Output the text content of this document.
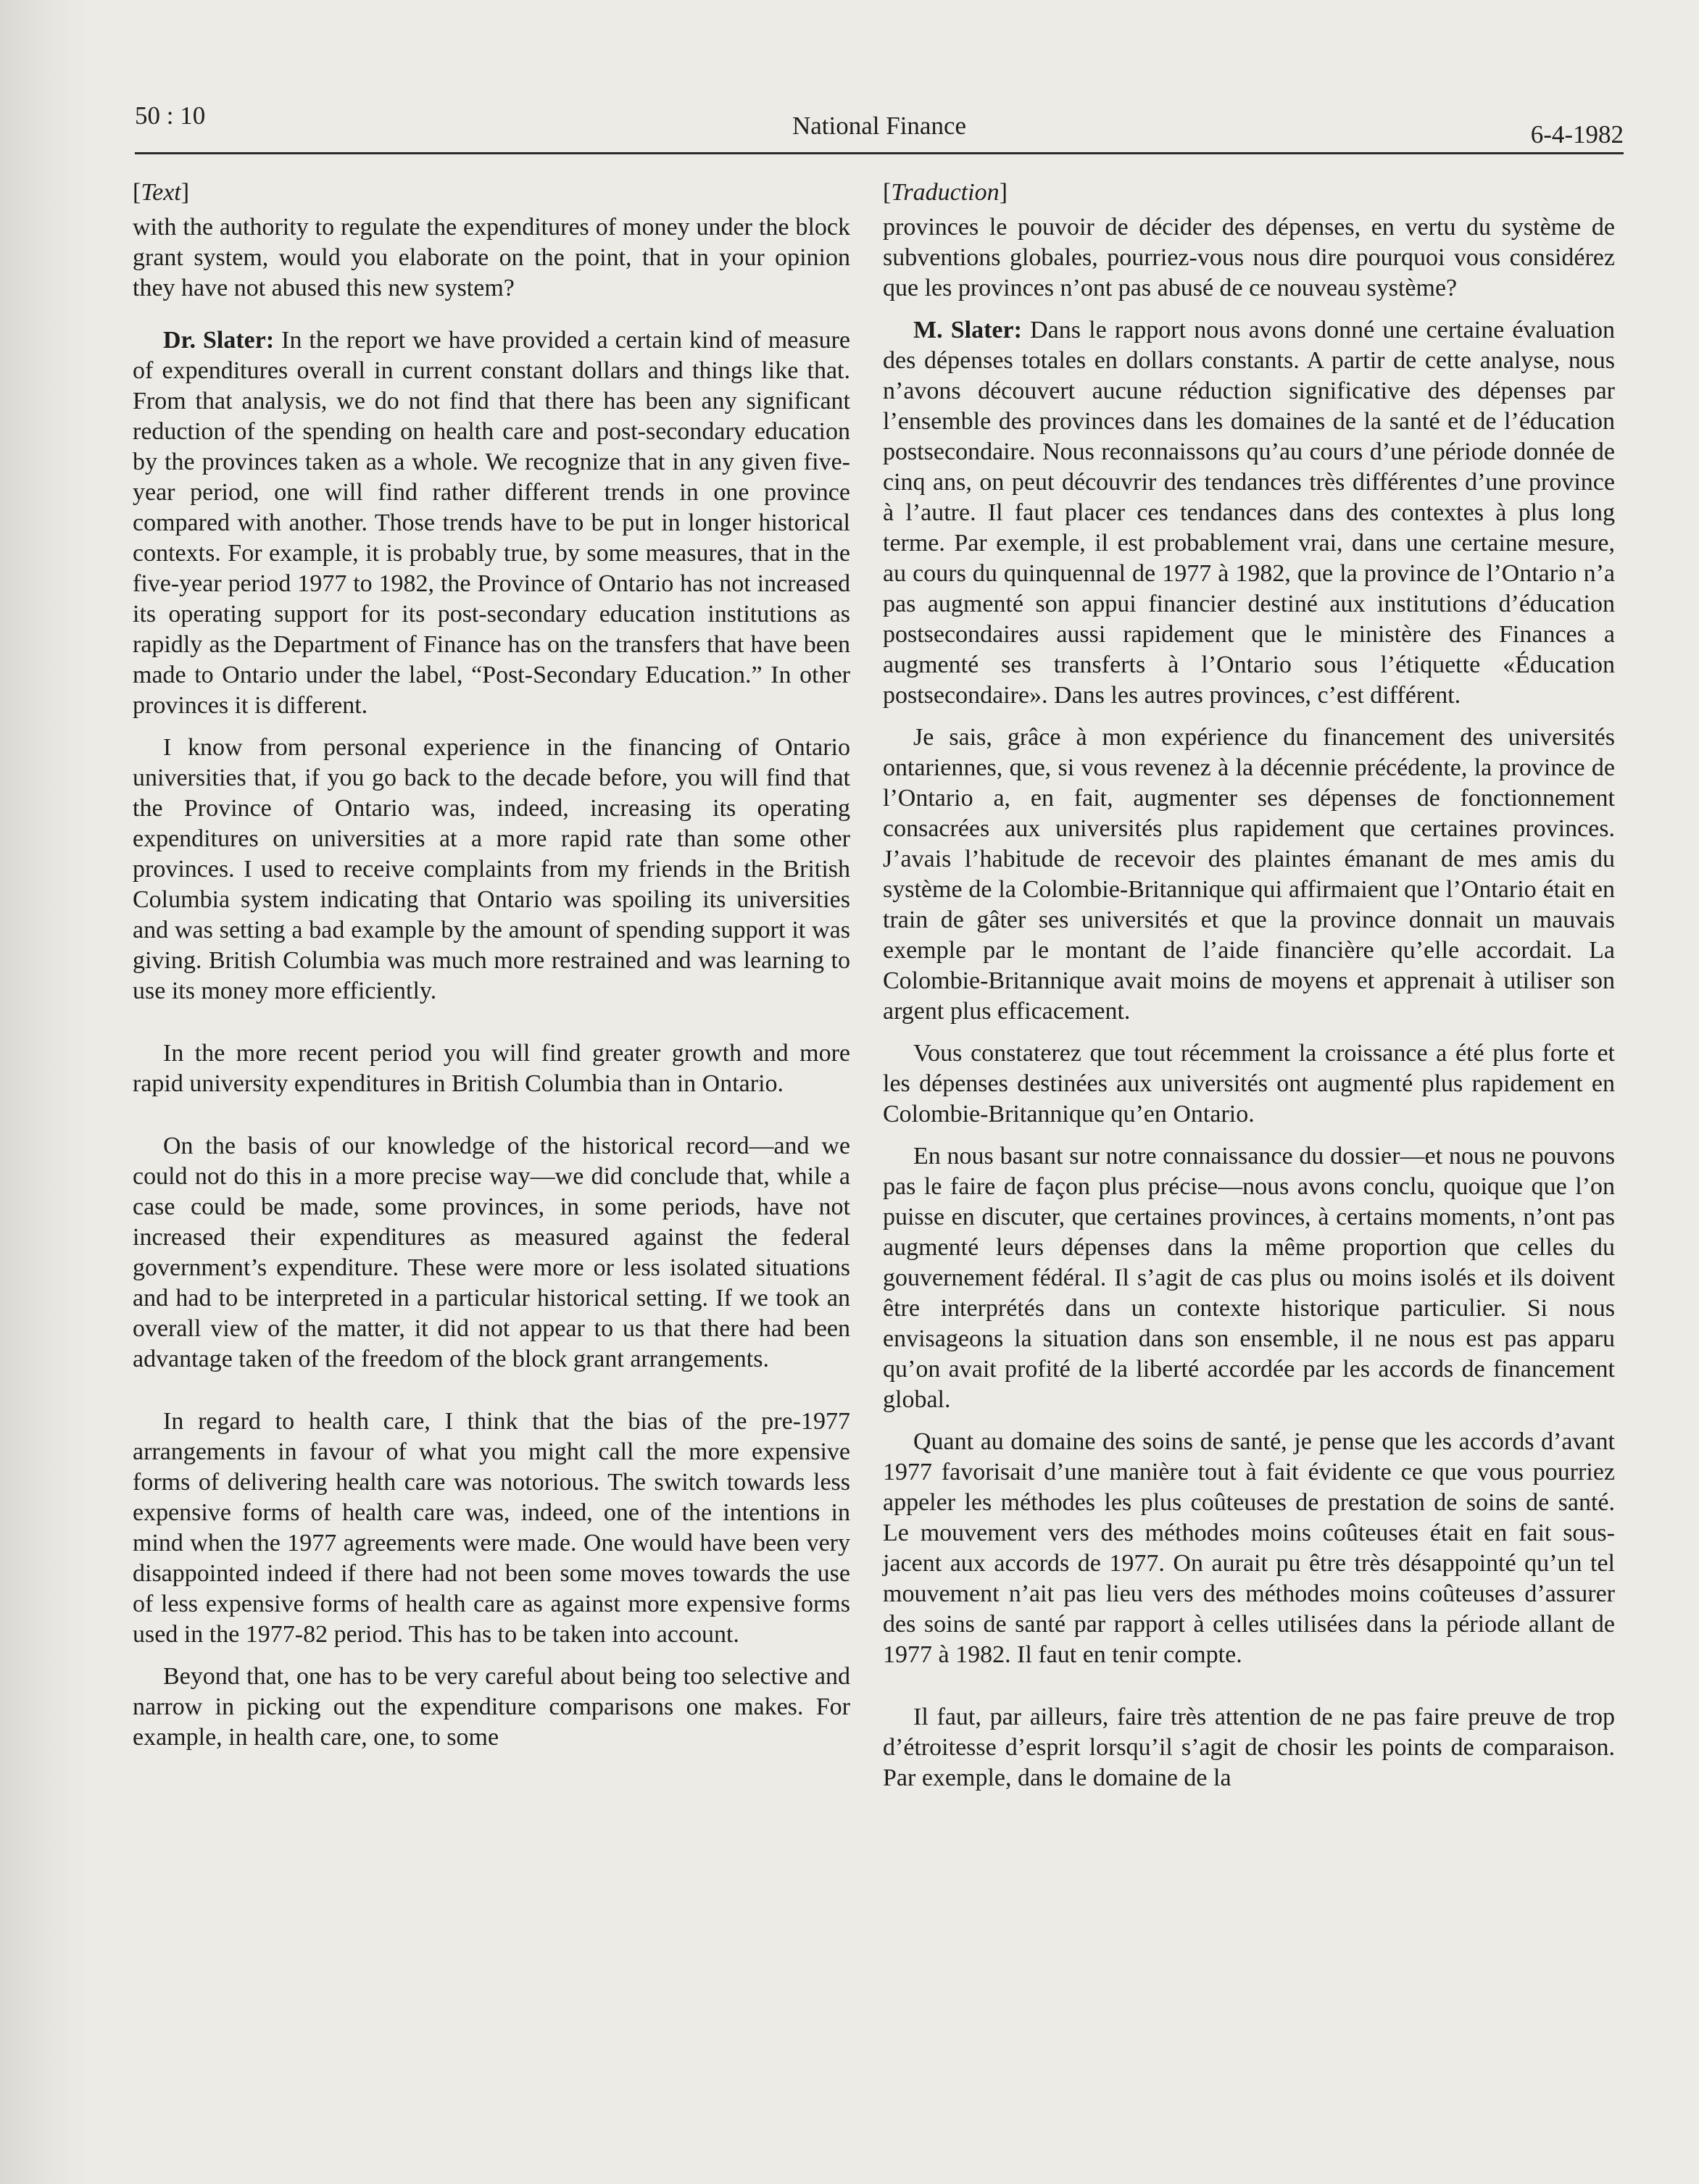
50 : 10	National Finance	6-4-1982

[Text]

with the authority to regulate the expenditures of money under the block grant system, would you elaborate on the point, that in your opinion they have not abused this new system?

Dr. Slater: In the report we have provided a certain kind of measure of expenditures overall in current constant dollars and things like that. From that analysis, we do not find that there has been any significant reduction of the spending on health care and post-secondary education by the provinces taken as a whole. We recognize that in any given five-year period, one will find rather different trends in one province compared with another. Those trends have to be put in longer historical contexts. For example, it is probably true, by some measures, that in the five-year period 1977 to 1982, the Province of Ontario has not increased its operating support for its post-secondary education institutions as rapidly as the Department of Finance has on the transfers that have been made to Ontario under the label, “Post-Secondary Education.” In other provinces it is different.

I know from personal experience in the financing of Ontario universities that, if you go back to the decade before, you will find that the Province of Ontario was, indeed, increasing its operating expenditures on universities at a more rapid rate than some other provinces. I used to receive complaints from my friends in the British Columbia system indicating that Ontario was spoiling its universities and was setting a bad example by the amount of spending support it was giving. British Columbia was much more restrained and was learning to use its money more efficiently.

In the more recent period you will find greater growth and more rapid university expenditures in British Columbia than in Ontario.

On the basis of our knowledge of the historical record—and we could not do this in a more precise way—we did conclude that, while a case could be made, some provinces, in some periods, have not increased their expenditures as measured against the federal government’s expenditure. These were more or less isolated situations and had to be interpreted in a particular historical setting. If we took an overall view of the matter, it did not appear to us that there had been advantage taken of the freedom of the block grant arrangements.

In regard to health care, I think that the bias of the pre-1977 arrangements in favour of what you might call the more expensive forms of delivering health care was notorious. The switch towards less expensive forms of health care was, indeed, one of the intentions in mind when the 1977 agreements were made. One would have been very disappointed indeed if there had not been some moves towards the use of less expensive forms of health care as against more expensive forms used in the 1977-82 period. This has to be taken into account.

Beyond that, one has to be very careful about being too selective and narrow in picking out the expenditure comparisons one makes. For example, in health care, one, to some

[Traduction]

provinces le pouvoir de décider des dépenses, en vertu du système de subventions globales, pourriez-vous nous dire pourquoi vous considérez que les provinces n’ont pas abusé de ce nouveau système?

M. Slater: Dans le rapport nous avons donné une certaine évaluation des dépenses totales en dollars constants. A partir de cette analyse, nous n’avons découvert aucune réduction significative des dépenses par l’ensemble des provinces dans les domaines de la santé et de l’éducation postsecondaire. Nous reconnaissons qu’au cours d’une période donnée de cinq ans, on peut découvrir des tendances très différentes d’une province à l’autre. Il faut placer ces tendances dans des contextes à plus long terme. Par exemple, il est probablement vrai, dans une certaine mesure, au cours du quinquennal de 1977 à 1982, que la province de l’Ontario n’a pas augmenté son appui financier destiné aux institutions d’éducation postsecondaires aussi rapidement que le ministère des Finances a augmenté ses transferts à l’Ontario sous l’étiquette «Éducation postsecondaire». Dans les autres provinces, c’est différent.

Je sais, grâce à mon expérience du financement des universités ontariennes, que, si vous revenez à la décennie précédente, la province de l’Ontario a, en fait, augmenter ses dépenses de fonctionnement consacrées aux universités plus rapidement que certaines provinces. J’avais l’habitude de recevoir des plaintes émanant de mes amis du système de la Colombie-Britannique qui affirmaient que l’Ontario était en train de gâter ses universités et que la province donnait un mauvais exemple par le montant de l’aide financière qu’elle accordait. La Colombie-Britannique avait moins de moyens et apprenait à utiliser son argent plus efficacement.

Vous constaterez que tout récemment la croissance a été plus forte et les dépenses destinées aux universités ont augmenté plus rapidement en Colombie-Britannique qu’en Ontario.

En nous basant sur notre connaissance du dossier—et nous ne pouvons pas le faire de façon plus précise—nous avons conclu, quoique que l’on puisse en discuter, que certaines provinces, à certains moments, n’ont pas augmenté leurs dépenses dans la même proportion que celles du gouvernement fédéral. Il s’agit de cas plus ou moins isolés et ils doivent être interprétés dans un contexte historique particulier. Si nous envisageons la situation dans son ensemble, il ne nous est pas apparu qu’on avait profité de la liberté accordée par les accords de financement global.

Quant au domaine des soins de santé, je pense que les accords d’avant 1977 favorisait d’une manière tout à fait évidente ce que vous pourriez appeler les méthodes les plus coûteuses de prestation de soins de santé. Le mouvement vers des méthodes moins coûteuses était en fait sous-jacent aux accords de 1977. On aurait pu être très désappointé qu’un tel mouvement n’ait pas lieu vers des méthodes moins coûteuses d’assurer des soins de santé par rapport à celles utilisées dans la période allant de 1977 à 1982. Il faut en tenir compte.

Il faut, par ailleurs, faire très attention de ne pas faire preuve de trop d’étroitesse d’esprit lorsqu’il s’agit de chosir les points de comparaison. Par exemple, dans le domaine de la
